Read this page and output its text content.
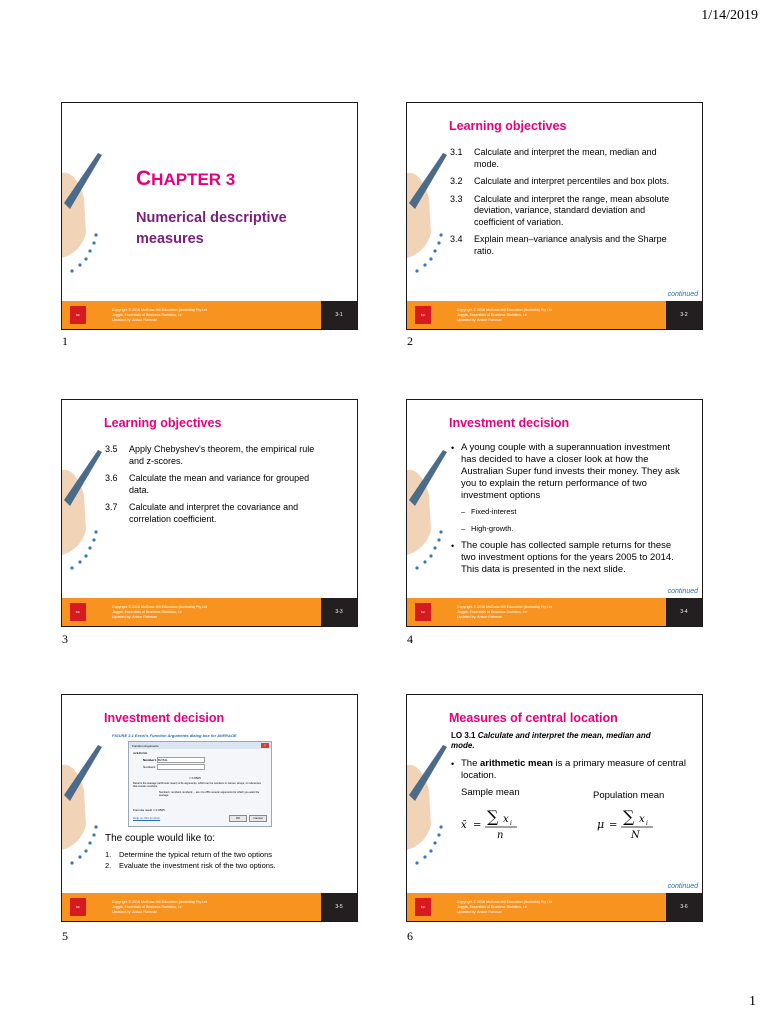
1/14/2019
CHAPTER 3
Numerical descriptive measures
Mc
Copyright © 2016 McGraw-Hill Education (Australia) Pty Ltd
Jaggia, Essentials of Business Statistics, 1e
Updated by: Anisur Rahman
3-1
1
Learning objectives
3.1	Calculate and interpret the mean, median and mode.
3.2	Calculate and interpret percentiles and box plots.
3.3	Calculate and interpret the range, mean absolute deviation, variance, standard deviation and coefficient of variation.
3.4	Explain mean–variance analysis and the Sharpe ratio.
continued
Mc
Copyright © 2016 McGraw-Hill Education (Australia) Pty Ltd
Jaggia, Essentials of Business Statistics, 1e
Updated by: Anisur Rahman
3-2
2
Learning objectives
3.5	Apply Chebyshev's theorem, the empirical rule and z-scores.
3.6	Calculate the mean and variance for grouped data.
3.7	Calculate and interpret the covariance and correlation coefficient.
Mc
Copyright © 2016 McGraw-Hill Education (Australia) Pty Ltd
Jaggia, Essentials of Business Statistics, 1e
Updated by: Anisur Rahman
3-3
3
Investment decision
• A young couple with a superannuation investment has decided to have a closer look at how the Australian Super fund invests their money. They ask you to explain the return performance of two investment options
– Fixed-interest
– High-growth.
• The couple has collected sample returns for these two investment options for the years 2005 to 2014. This data is presented in the next slide.
continued
Mc
Copyright © 2016 McGraw-Hill Education (Australia) Pty Ltd
Jaggia, Essentials of Business Statistics, 1e
Updated by: Anisur Rahman
3-4
4
Investment decision
FIGURE 3.1 Excel's Function Arguments dialog box for AVERAGE
Function Arguments	×
AVERAGE
Number1 B2:B11
Number2
= 0.0505
Returns the average (arithmetic mean) of its arguments, which can be numbers or names, arrays, or references that contain numbers.
Number1: number1,number2,... are 1 to 255 numeric arguments for which you want the average.
Formula result = 0.0505
Help on this function	OK	Cancel
The couple would like to:
1.	Determine the typical return of the two options
2.	Evaluate the investment risk of the two options.
Mc
Copyright © 2016 McGraw-Hill Education (Australia) Pty Ltd
Jaggia, Essentials of Business Statistics, 1e
Updated by: Anisur Rahman
3-5
5
Measures of central location
LO 3.1 Calculate and interpret the mean, median and mode.
• The arithmetic mean is a primary measure of central location.
Sample mean	Population mean
x̄ = ∑ x i
n
μ = ∑ x i
N
continued
Mc
Copyright © 2016 McGraw-Hill Education (Australia) Pty Ltd
Jaggia, Essentials of Business Statistics, 1e
Updated by: Anisur Rahman
3-6
6
1
